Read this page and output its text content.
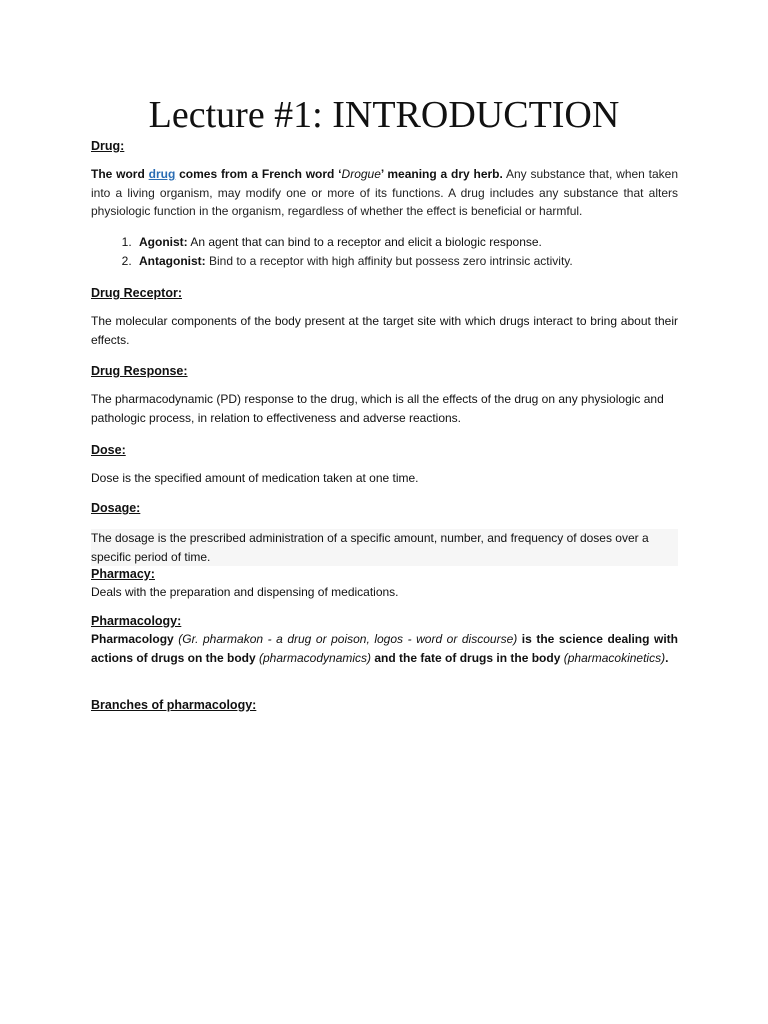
Lecture #1: INTRODUCTION
Drug:
The word drug comes from a French word ‘Drogue’ meaning a dry herb. Any substance that, when taken into a living organism, may modify one or more of its functions. A drug includes any substance that alters physiologic function in the organism, regardless of whether the effect is beneficial or harmful.
1. Agonist: An agent that can bind to a receptor and elicit a biologic response.
2. Antagonist: Bind to a receptor with high affinity but possess zero intrinsic activity.
Drug Receptor:
The molecular components of the body present at the target site with which drugs interact to bring about their effects.
Drug Response:
The pharmacodynamic (PD) response to the drug, which is all the effects of the drug on any physiologic and pathologic process, in relation to effectiveness and adverse reactions.
Dose:
Dose is the specified amount of medication taken at one time.
Dosage:
The dosage is the prescribed administration of a specific amount, number, and frequency of doses over a specific period of time.
Pharmacy:
Deals with the preparation and dispensing of medications.
Pharmacology:
Pharmacology (Gr. pharmakon - a drug or poison, logos - word or discourse) is the science dealing with actions of drugs on the body (pharmacodynamics) and the fate of drugs in the body (pharmacokinetics).
Branches of pharmacology:
